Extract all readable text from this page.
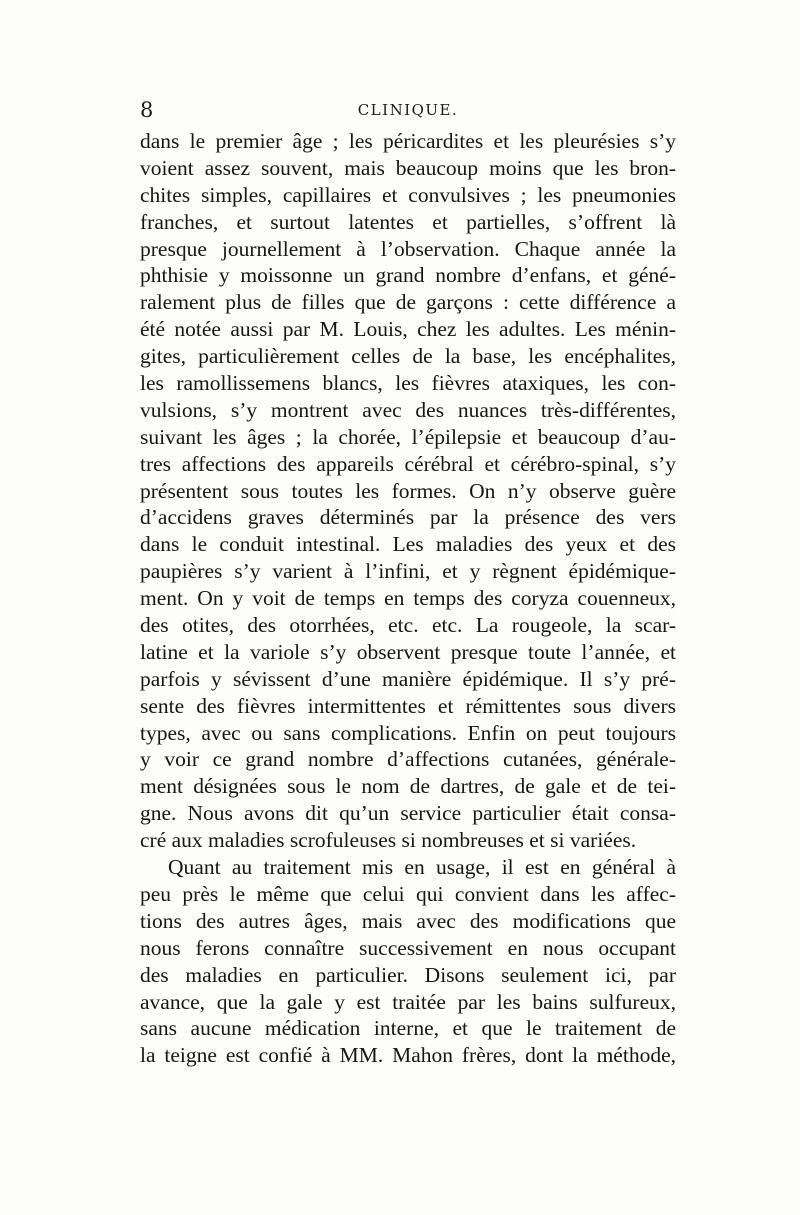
8	CLINIQUE.
dans le premier âge ; les péricardites et les pleurésies s’y
voient assez souvent, mais beaucoup moins que les bron-
chites simples, capillaires et convulsives ; les pneumonies
franches, et surtout latentes et partielles, s’offrent là
presque journellement à l’observation. Chaque année la
phthisie y moissonne un grand nombre d’enfans, et géné-
ralement plus de filles que de garçons : cette différence a
été notée aussi par M. Louis, chez les adultes. Les ménin-
gites, particulièrement celles de la base, les encéphalites,
les ramollissemens blancs, les fièvres ataxiques, les con-
vulsions, s’y montrent avec des nuances très-différentes,
suivant les âges ; la chorée, l’épilepsie et beaucoup d’au-
tres affections des appareils cérébral et cérébro-spinal, s’y
présentent sous toutes les formes. On n’y observe guère
d’accidens graves déterminés par la présence des vers
dans le conduit intestinal. Les maladies des yeux et des
paupières s’y varient à l’infini, et y règnent épidémique-
ment. On y voit de temps en temps des coryza couenneux,
des otites, des otorrhées, etc. etc. La rougeole, la scar-
latine et la variole s’y observent presque toute l’année, et
parfois y sévissent d’une manière épidémique. Il s’y pré-
sente des fièvres intermittentes et rémittentes sous divers
types, avec ou sans complications. Enfin on peut toujours
y voir ce grand nombre d’affections cutanées, générale-
ment désignées sous le nom de dartres, de gale et de tei-
gne. Nous avons dit qu’un service particulier était consa-
cré aux maladies scrofuleuses si nombreuses et si variées.
Quant au traitement mis en usage, il est en général à
peu près le même que celui qui convient dans les affec-
tions des autres âges, mais avec des modifications que
nous ferons connaître successivement en nous occupant
des maladies en particulier. Disons seulement ici, par
avance, que la gale y est traitée par les bains sulfureux,
sans aucune médication interne, et que le traitement de
la teigne est confié à MM. Mahon frères, dont la méthode,
